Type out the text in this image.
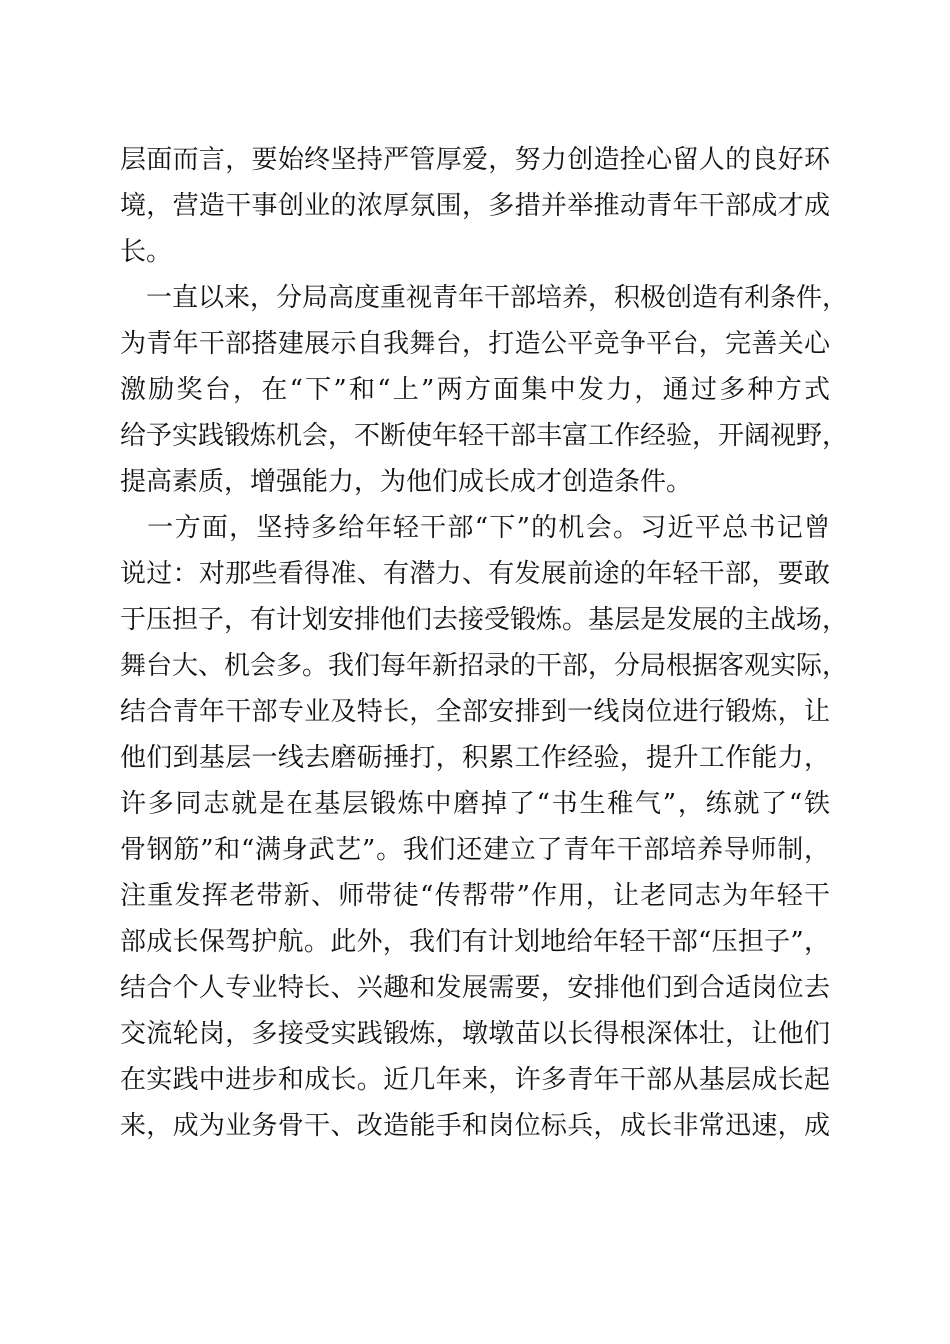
层面而言，要始终坚持严管厚爱，努力创造拴心留人的良好环
境，营造干事创业的浓厚氛围，多措并举推动青年干部成才成
长。
　一直以来，分局高度重视青年干部培养，积极创造有利条件，
为青年干部搭建展示自我舞台，打造公平竞争平台，完善关心
激励奖台，在“下”和“上”两方面集中发力，通过多种方式
给予实践锻炼机会，不断使年轻干部丰富工作经验，开阔视野，
提高素质，增强能力，为他们成长成才创造条件。
　一方面，坚持多给年轻干部“下”的机会。习近平总书记曾
说过：对那些看得准、有潜力、有发展前途的年轻干部，要敢
于压担子，有计划安排他们去接受锻炼。基层是发展的主战场，
舞台大、机会多。我们每年新招录的干部，分局根据客观实际，
结合青年干部专业及特长，全部安排到一线岗位进行锻炼，让
他们到基层一线去磨砺捶打，积累工作经验，提升工作能力，
许多同志就是在基层锻炼中磨掉了“书生稚气”，练就了“铁
骨钢筋”和“满身武艺”。我们还建立了青年干部培养导师制，
注重发挥老带新、师带徒“传帮带”作用，让老同志为年轻干
部成长保驾护航。此外，我们有计划地给年轻干部“压担子”，
结合个人专业特长、兴趣和发展需要，安排他们到合适岗位去
交流轮岗，多接受实践锻炼，墩墩苗以长得根深体壮，让他们
在实践中进步和成长。近几年来，许多青年干部从基层成长起
来，成为业务骨干、改造能手和岗位标兵，成长非常迅速，成
